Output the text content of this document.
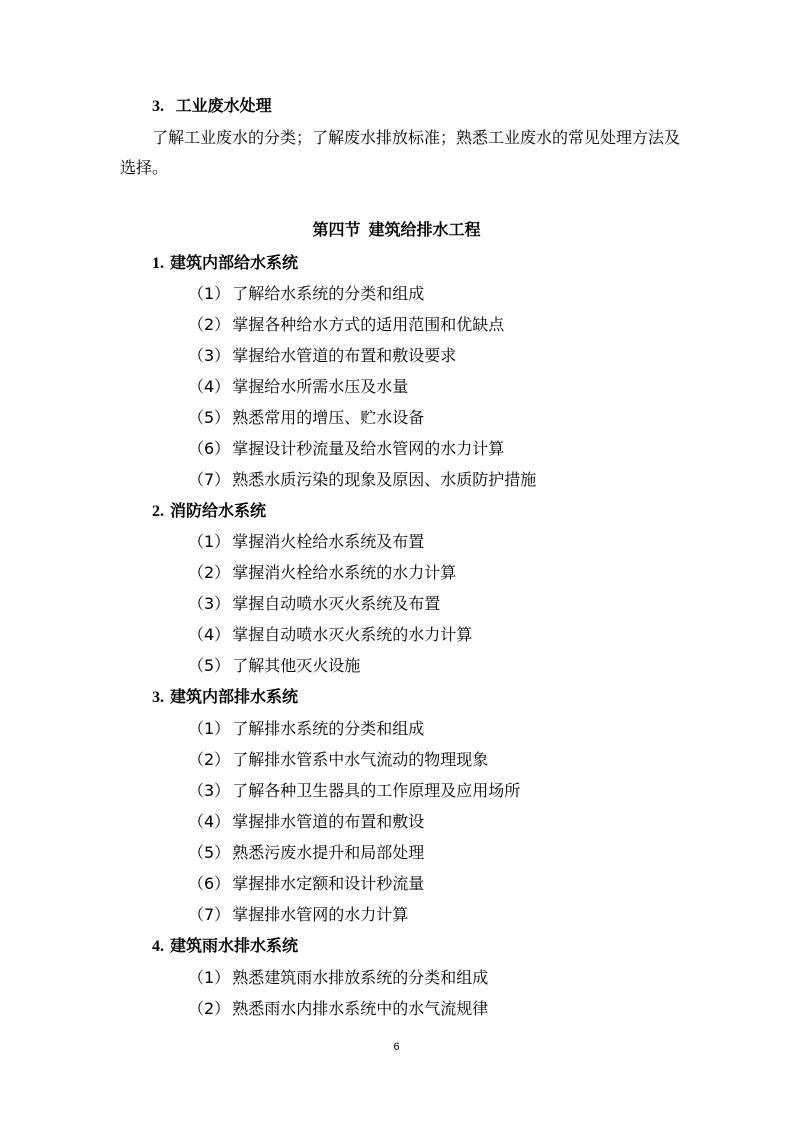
3. 工业废水处理
了解工业废水的分类；了解废水排放标准；熟悉工业废水的常见处理方法及
选择。
第四节 建筑给排水工程
1. 建筑内部给水系统
（1） 了解给水系统的分类和组成
（2） 掌握各种给水方式的适用范围和优缺点
（3） 掌握给水管道的布置和敷设要求
（4） 掌握给水所需水压及水量
（5） 熟悉常用的增压、贮水设备
（6） 掌握设计秒流量及给水管网的水力计算
（7） 熟悉水质污染的现象及原因、水质防护措施
2. 消防给水系统
（1） 掌握消火栓给水系统及布置
（2） 掌握消火栓给水系统的水力计算
（3） 掌握自动喷水灭火系统及布置
（4） 掌握自动喷水灭火系统的水力计算
（5） 了解其他灭火设施
3. 建筑内部排水系统
（1） 了解排水系统的分类和组成
（2） 了解排水管系中水气流动的物理现象
（3） 了解各种卫生器具的工作原理及应用场所
（4） 掌握排水管道的布置和敷设
（5） 熟悉污废水提升和局部处理
（6） 掌握排水定额和设计秒流量
（7） 掌握排水管网的水力计算
4. 建筑雨水排水系统
（1） 熟悉建筑雨水排放系统的分类和组成
（2） 熟悉雨水内排水系统中的水气流规律
6
